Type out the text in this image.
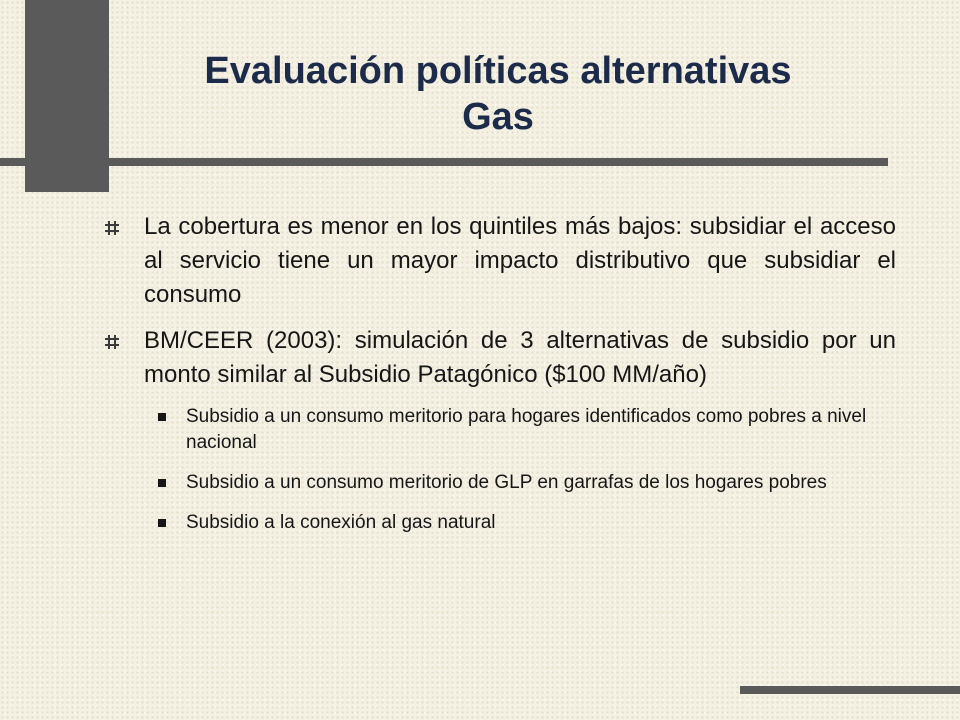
Evaluación políticas alternativas
Gas
La cobertura es menor en los quintiles más bajos: subsidiar el acceso al servicio tiene un mayor impacto distributivo que subsidiar el consumo
BM/CEER (2003): simulación de 3 alternativas de subsidio por un monto similar al Subsidio Patagónico ($100 MM/año)
Subsidio a un consumo meritorio para hogares identificados como pobres a nivel nacional
Subsidio a un consumo meritorio de GLP en garrafas de los hogares pobres
Subsidio a la conexión al gas natural
